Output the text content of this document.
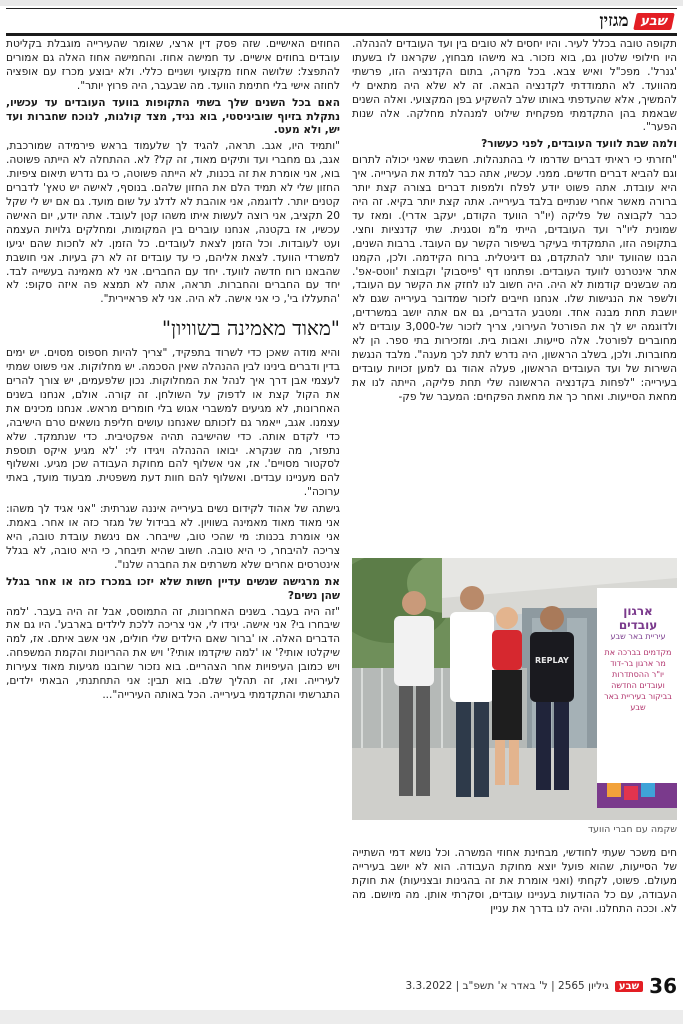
שבע
מגזין

תקופה טובה בכלל לעיר. והיו יחסים לא טובים בין ועד העובדים להנהלה. היו חילופי שלטון גם, בוא נזכור. בא מישהו מבחוץ, שקראנו לו בשעתו 'גנרל'. מפכ"ל ואיש צבא. בכל מקרה, בתום הקדנציה הזו, פרשתי מהוועד. לא התמודדתי לקדנציה הבאה. זה לא שלא היה מתאים לי להמשיך, אלא שהעדפתי באותו שלב להשקיע בפן המקצועי. ואלה השנים שבאמת בהן התקדמתי מפקחית שילוט למנהלת מחלקה. אלה שנות הפער".

ולמה שבת לוועד העובדים, לפני כעשור?

"חזרתי כי ראיתי דברים שדרמו לי בהתנהלות. חשבתי שאני יכולה לתרום וגם להביא דברים חדשים. ממני. עכשיו, אתה כבר למדת את העירייה. איך היא עובדת. אתה פשוט יודע לפלח ולמפות דברים בצורה קצת יותר ברורה מאשר אחרי שנתיים בלבד בעירייה. אתה קצת יותר בקיא. זה היה כבר לקבוצה של פליקה (יו"ר הוועד הקודם, יעקב אדרי). ומאז עד שמונית ליו"ר ועד העובדים, הייתי מ"מ וסגנית. שתי קדנציות וחצי. בתקופה הזו, התמקדתי בעיקר בשיפור הקשר עם העובד. ברבות השנים, הבנו שהוועד יותר להתקדם, גם דיגיטלית. ברוח הקידמה. ולכן, הקמנו אתר אינטרנט לוועד העובדים. ופתחנו דף 'פייסבוק' וקבוצת 'ווטס-אפ'. מה שבשנים קודמות לא היה. היה חשוב לנו לחזק את הקשר עם העובד, ולשפר את הנגישות שלו. אנחנו חייבים לזכור שמדובר בעירייה שגם לא יושבת תחת מבנה אחד. ומטבע הדברים, גם אם אתה יושב במשרדים, ולדוגמה יש לך את הפורטל העירוני, צריך לזכור של-3,000 עובדים לא מחוברים לפורטל. אלה סייעות. ואבות בית. ומזכירות בתי ספר. הן לא מחוברות. ולכן, בשלב הראשון, היה נדרש לתת לכך מענה". מלבד הנגשת השירות של ועד העובדים הראשון, פעלה אהוד גם למען זכויות עובדים בעירייה: "לפחות בקדנציה הראשונה שלי תחת פליקה, הייתה לנו את מחאת הסייעות. ואחר כך את מחאת הפקחים: המעבר של פק-

ארגון עובדים
עיריית באר שבע
מקדמים בברכה את מר ארגון בר-דוד יו"ר ההסתדרות ועובדים החדשה בביקור בעיריית באר שבע
REPLAY
שקמה עם חברי הוועד

חים משכר שעתי לחודשי, מבחינת אחוזי המשרה. וכל נושא דמי השתייה של הסייעות, שהוא פועל יוצא מחוקת העבודה. הוא לא יושב בעירייה מעולם. פשוט, לקחתי (ואני אומרת את זה בהגינות ובצניעות) את חוקת העבודה, עם כל ההודעות בעניינו עובדים, וסקרתי אותן. מה מיושם. מה לא. וככה התחלנו. והיה לנו בדרך את עניין

החוזים האישיים. שזה פסק דין ארצי, שאומר שהעירייה מוגבלת בקליטת עובדים בחוזים אישיים. עד חמישה אחוז. והחמישה אחוז האלה גם אמורים להתפצל: שלושה אחוז מקצועי ושניים כללי. ולא יבוצע מכרז עם אופציה לחוזה אישי בלי חתימת הוועד. מה שבעבר, היה פרוץ יותר".

האם בכל השנים שלך בשתי התקופות בוועד העובדים עד עכשיו, נתקלת בזיוף שוביניסטי, בוא נגיד, מצד קולגות, לנוכח שחברות ועד יש, ולא מעט.

"ותמיד היו, אגב. תראה, להגיד לך שלעמוד בראש פירמידה שמורכבת, אגב, גם מחברי ועד ותיקים מאוד, זה קל? לא. ההתחלה לא הייתה פשוטה. בוא, אני אומרת את זה בכנות, לא הייתה פשוטה, כי גם נדרש תיאום ציפיות. החזון שלי לא תמיד הלם את החזון שלהם. בנוסף, לאישה יש טאץ' לדברים קטנים יותר. לדוגמה, אני אוהבת לא לדלג על שום מועד. גם אם יש לי שקל 20 תקציב, אני רוצה לעשות איתו משהו קטן לעובד. אתה יודע, יום האישה עכשיו, אז בקטנה, אנחנו עוברים בין המקומות, ומחלקים גלויות העצמה ועט לעובדות. וכל הזמן לצאת לעובדים. כל הזמן. לא לחכות שהם יגיעו למשרדי הוועד. לצאת אליהם, כי עד עובדים זה לא רק בעיות. אני חושבת שהבאנו רוח חדשה לוועד. יחד עם החברים. אני לא מאמינה בעשייה לבד. יחד עם החברים והחברות. תראה, אתה לא תמצא פה איזה סקופ: לא 'התעללו בי', כי אני אישה. לא היה. אני לא פראיירית".

"מאוד מאמינה בשוויון"

והיא מודה שאכן כדי לשרוד בתפקיד, "צריך להיות חספוס מסוים. יש ימים בדין ודברים בינינו לבין ההנהלה שאין הסכמה. יש מחלוקות. אני פשוט שמתי לעצמי אבן דרך איך לנהל את המחלוקות. נכון שלפעמים, יש צורך להרים את הקול קצת או לדפוק על השולחן. זה קורה. אולם, אנחנו בשנים האחרונות, לא מגיעים למשברי אגוש בלי חומרים מראש. אנחנו מכינים את עצמנו. אגב, ייאמר גם לזכותם שאנחנו עושים חליפת נושאים טרם הישיבה, כדי לקדם אותה. כדי שהישיבה תהיה אפקטיבית. כדי שנתמקד. שלא נתפזר, מה שנקרא. יבואו ההנהלה ויגידו לי: 'לא מגיע איקס תוספת לסקטור מסויים'. אז, אני אשלוף להם מחוקת העבודה שכן מגיע. ואשלוף להם מעניינו עבדים. ואשלוף להם חוות דעת משפטית. מבעוד מועד, באתי ערוכה".

גישתה של אהוד לקידום נשים בעירייה איננה שגרתית: "אני אגיד לך משהו: אני מאוד מאוד מאמינה בשוויון. לא בבידול של מגזר כזה או אחר. באמת. אני אומרת בכנות: מי שהכי טוב, שייבחר. אם ניגשת עובדת טובה, היא צריכה להיבחר, כי היא טובה. חשוב שהיא תיבחר, כי היא טובה, לא בגלל אינטרסים אחרים שלא משרתים את החברה שלנו".

את מרגישה שנשים עדיין חשות שלא יזכו במכרז כזה או אחר בגלל שהן נשים?

"זה היה בעבר. בשנים האחרונות, זה התמוסס, אבל זה היה בעבר. 'למה שיבחרו בי? אני אישה. יגידו לי, אני צריכה ללכת לילדים בארבע'. היו גם את הדברים האלה. או 'ברור שאם הילדים שלי חולים, אני אשב איתם. אז, למה שיקלטו אותי?' או 'למה שיקדמו אותי?' ויש את ההריונות והקמת המשפחה. ויש כמובן העיפויות אחר הצהריים. בוא נזכור שרובנו מגיעות מאוד צעירות לעירייה. ואז, זה תהליך שלם. בוא תבין: אני התחתנתי, הבאתי ילדים, התגרשתי והתקדמתי בעירייה. הכל באותה העירייה"...

36
שבע
גיליון 2565 | ל' באדר א' תשפ"ב | 3.3.2022
